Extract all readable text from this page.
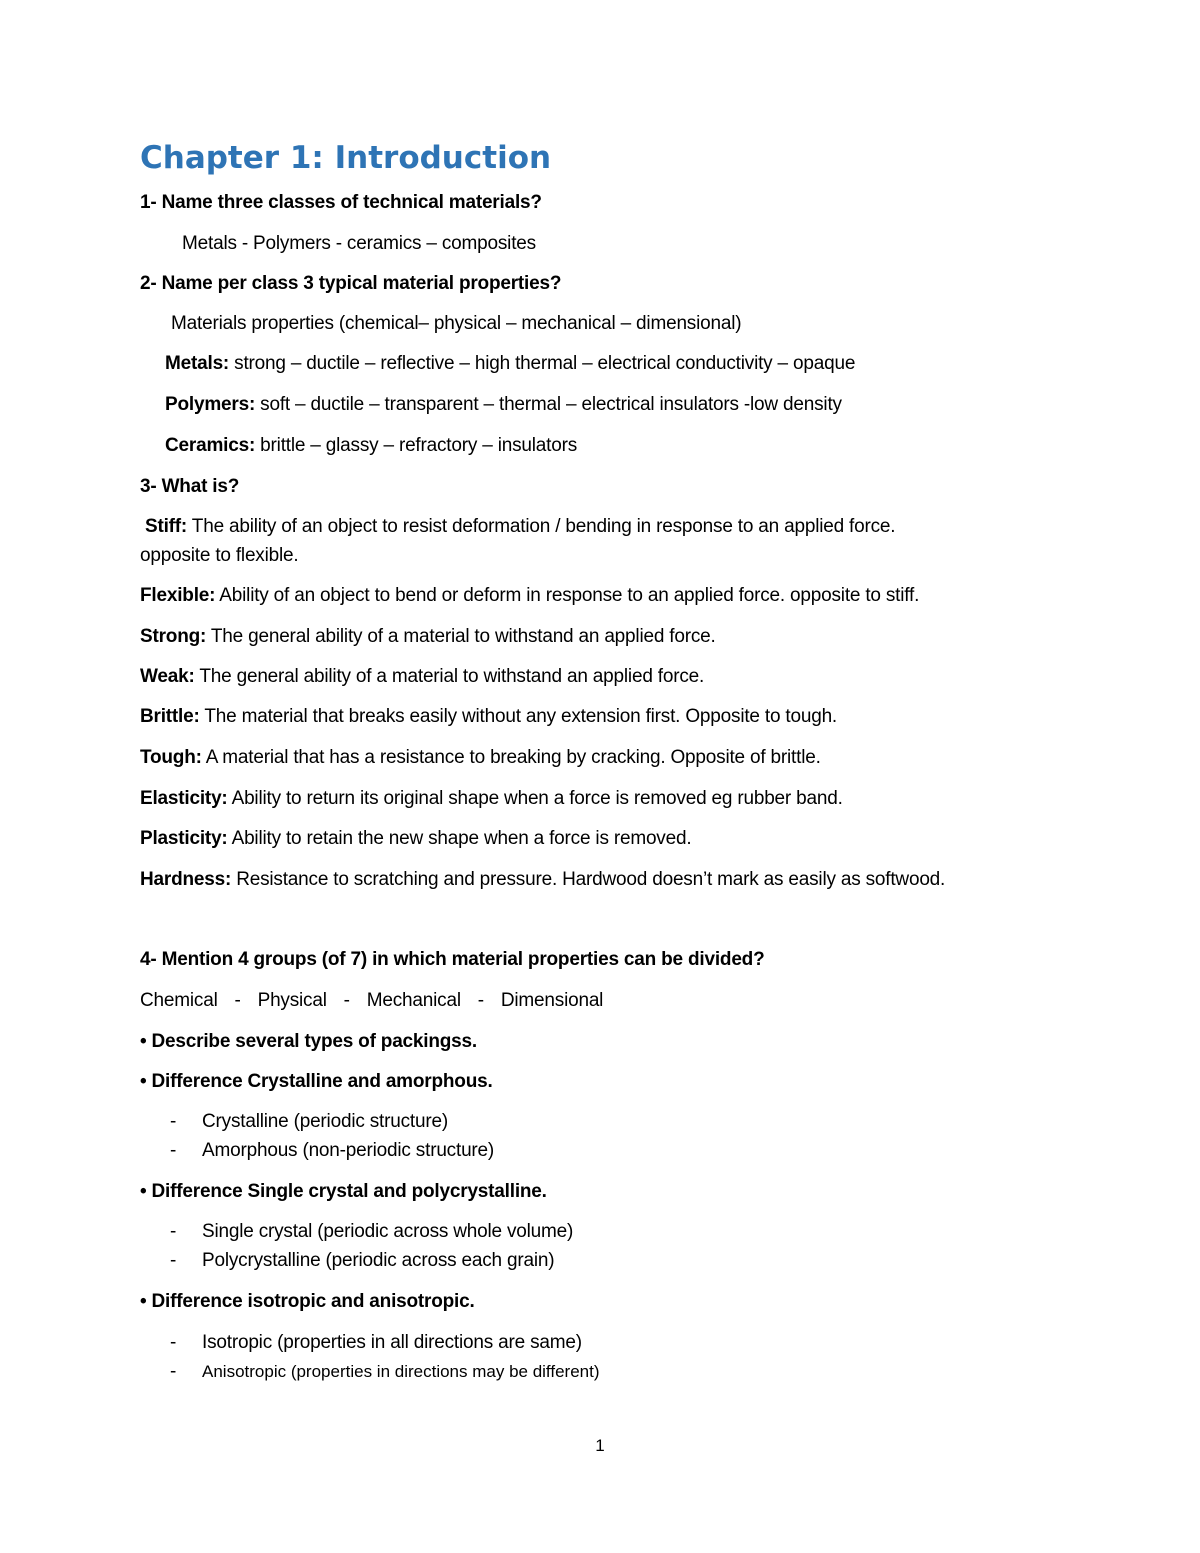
Chapter 1: Introduction
1- Name three classes of technical materials?
Metals - Polymers - ceramics – composites
2- Name per class 3 typical material properties?
Materials properties (chemical– physical – mechanical – dimensional)
Metals: strong – ductile – reflective – high thermal – electrical conductivity – opaque
Polymers: soft – ductile – transparent – thermal – electrical insulators -low density
Ceramics: brittle – glassy – refractory – insulators
3- What is?
Stiff: The ability of an object to resist deformation / bending in response to an applied force.
opposite to flexible.
Flexible: Ability of an object to bend or deform in response to an applied force. opposite to stiff.
Strong: The general ability of a material to withstand an applied force.
Weak: The general ability of a material to withstand an applied force.
Brittle: The material that breaks easily without any extension first. Opposite to tough.
Tough: A material that has a resistance to breaking by cracking. Opposite of brittle.
Elasticity: Ability to return its original shape when a force is removed eg rubber band.
Plasticity: Ability to retain the new shape when a force is removed.
Hardness: Resistance to scratching and pressure. Hardwood doesn’t mark as easily as softwood.
4- Mention 4 groups (of 7) in which material properties can be divided?
Chemical - Physical - Mechanical - Dimensional
• Describe several types of packingss.
• Difference Crystalline and amorphous.
- Crystalline (periodic structure)
- Amorphous (non-periodic structure)
• Difference Single crystal and polycrystalline.
- Single crystal (periodic across whole volume)
- Polycrystalline (periodic across each grain)
• Difference isotropic and anisotropic.
- Isotropic (properties in all directions are same)
- Anisotropic (properties in directions may be different)
1
